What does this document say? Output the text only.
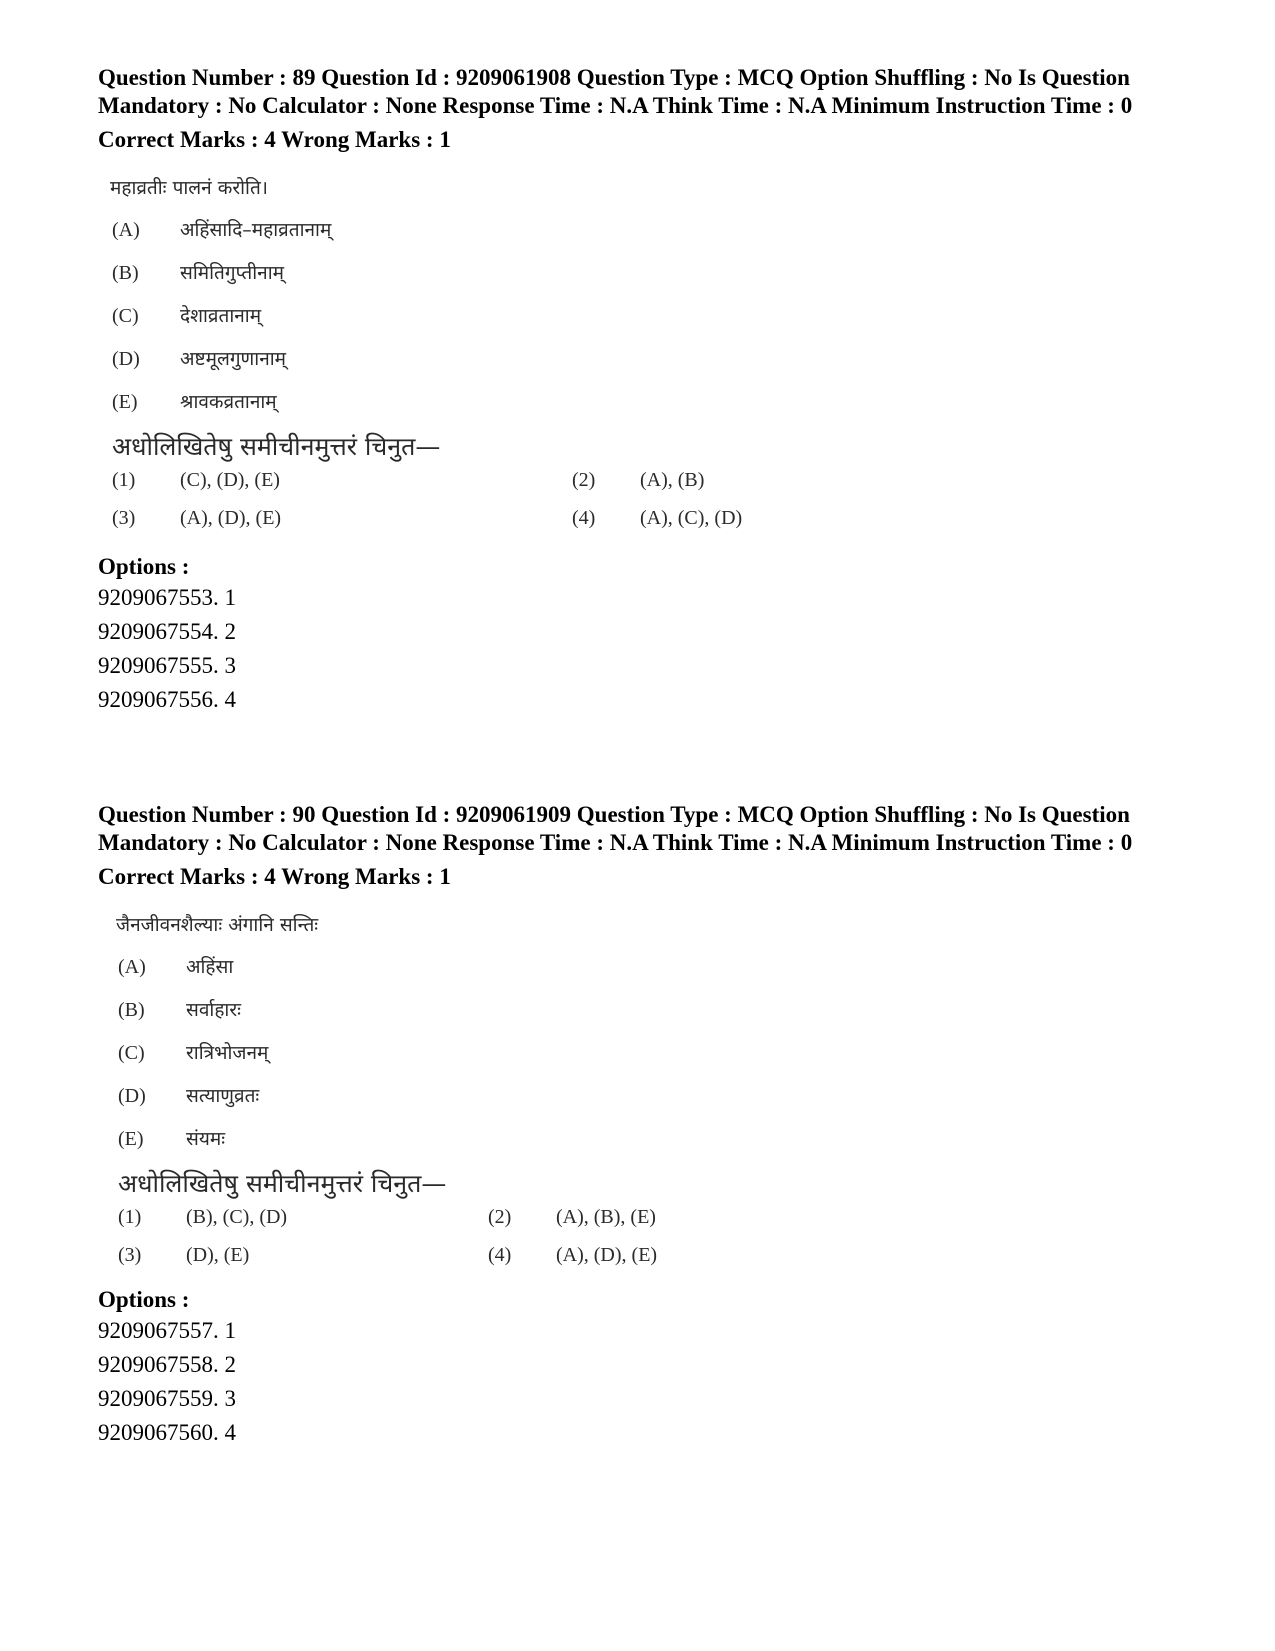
Question Number : 89 Question Id : 9209061908 Question Type : MCQ Option Shuffling : No Is Question Mandatory : No Calculator : None Response Time : N.A Think Time : N.A Minimum Instruction Time : 0
Correct Marks : 4 Wrong Marks : 1
महाव्रतीः पालनं करोति।
(A)	अहिंसादि–महाव्रतानाम्
(B)	समितिगुप्तीनाम्
(C)	देशाव्रतानाम्
(D)	अष्टमूलगुणानाम्
(E)	श्रावकव्रतानाम्
अधोलिखितेषु समीचीनमुत्तरं चिनुत—
(1)	(C), (D), (E)	(2)	(A), (B)
(3)	(A), (D), (E)	(4)	(A), (C), (D)
Options :
9209067553. 1
9209067554. 2
9209067555. 3
9209067556. 4
Question Number : 90 Question Id : 9209061909 Question Type : MCQ Option Shuffling : No Is Question Mandatory : No Calculator : None Response Time : N.A Think Time : N.A Minimum Instruction Time : 0
Correct Marks : 4 Wrong Marks : 1
जैनजीवनशैल्याः अंगानि सन्तिः
(A)	अहिंसा
(B)	सर्वाहारः
(C)	रात्रिभोजनम्
(D)	सत्याणुव्रतः
(E)	संयमः
अधोलिखितेषु समीचीनमुत्तरं चिनुत—
(1)	(B), (C), (D)	(2)	(A), (B), (E)
(3)	(D), (E)	(4)	(A), (D), (E)
Options :
9209067557. 1
9209067558. 2
9209067559. 3
9209067560. 4
